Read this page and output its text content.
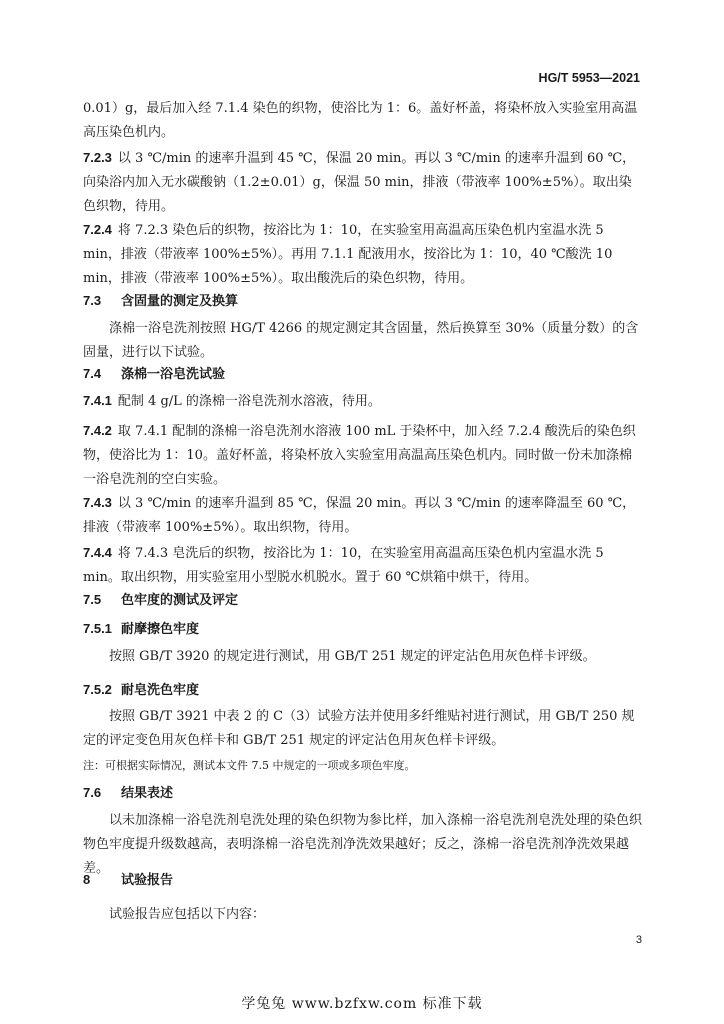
HG/T 5953—2021

0.01）g，最后加入经 7.1.4 染色的织物，使浴比为 1：6。盖好杯盖，将染杯放入实验室用高温高压染色机内。

7.2.3 以 3 ℃/min 的速率升温到 45 ℃，保温 20 min。再以 3 ℃/min 的速率升温到 60 ℃，向染浴内加入无水碳酸钠（1.2±0.01）g，保温 50 min，排液（带液率 100%±5%）。取出染色织物，待用。

7.2.4 将 7.2.3 染色后的织物，按浴比为 1：10，在实验室用高温高压染色机内室温水洗 5 min，排液（带液率 100%±5%）。再用 7.1.1 配液用水，按浴比为 1：10，40 ℃酸洗 10 min，排液（带液率 100%±5%）。取出酸洗后的染色织物，待用。

7.3 含固量的测定及换算

涤棉一浴皂洗剂按照 HG/T 4266 的规定测定其含固量，然后换算至 30%（质量分数）的含固量，进行以下试验。

7.4 涤棉一浴皂洗试验

7.4.1 配制 4 g/L 的涤棉一浴皂洗剂水溶液，待用。

7.4.2 取 7.4.1 配制的涤棉一浴皂洗剂水溶液 100 mL 于染杯中，加入经 7.2.4 酸洗后的染色织物，使浴比为 1：10。盖好杯盖，将染杯放入实验室用高温高压染色机内。同时做一份未加涤棉一浴皂洗剂的空白实验。

7.4.3 以 3 ℃/min 的速率升温到 85 ℃，保温 20 min。再以 3 ℃/min 的速率降温至 60 ℃，排液（带液率 100%±5%）。取出织物，待用。

7.4.4 将 7.4.3 皂洗后的织物，按浴比为 1：10，在实验室用高温高压染色机内室温水洗 5 min。取出织物，用实验室用小型脱水机脱水。置于 60 ℃烘箱中烘干，待用。

7.5 色牢度的测试及评定
7.5.1 耐摩擦色牢度

按照 GB/T 3920 的规定进行测试，用 GB/T 251 规定的评定沾色用灰色样卡评级。

7.5.2 耐皂洗色牢度

按照 GB/T 3921 中表 2 的 C（3）试验方法并使用多纤维贴衬进行测试，用 GB/T 250 规定的评定变色用灰色样卡和 GB/T 251 规定的评定沾色用灰色样卡评级。

注：可根据实际情况，测试本文件 7.5 中规定的一项或多项色牢度。

7.6 结果表述

以未加涤棉一浴皂洗剂皂洗处理的染色织物为参比样，加入涤棉一浴皂洗剂皂洗处理的染色织物色牢度提升级数越高，表明涤棉一浴皂洗剂净洗效果越好；反之，涤棉一浴皂洗剂净洗效果越差。

8 试验报告

试验报告应包括以下内容：

3
学兔兔 www.bzfxw.com 标准下载
